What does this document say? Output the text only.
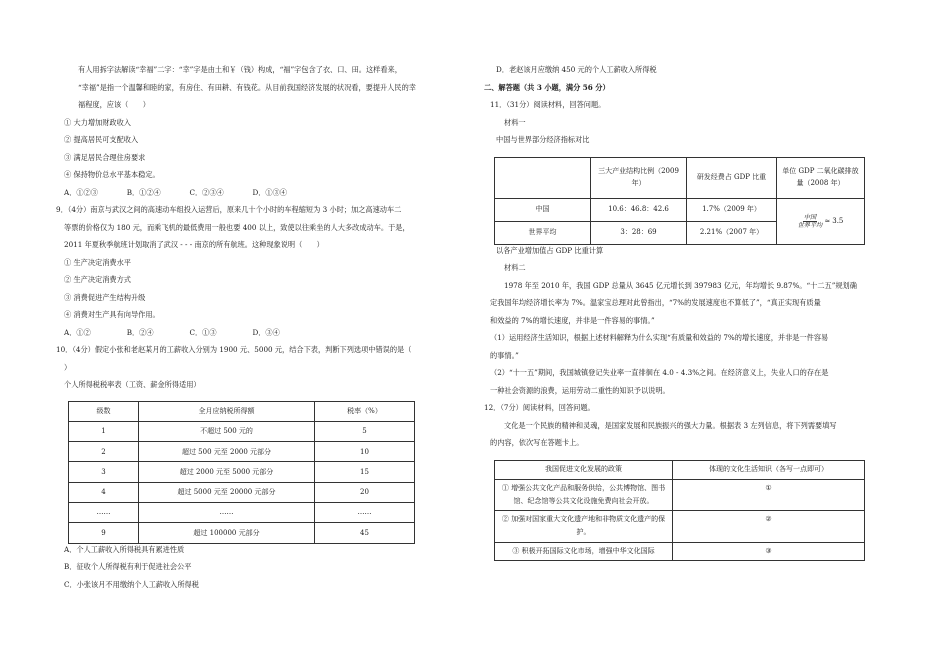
有人用拆字法解读“幸福”二字：“幸”字是由土和￥（钱）构成，“福”字包含了衣、口、田。这样看来，

“幸福”是指一个温馨和睦的家，有房住、有田耕、有钱花。从目前我国经济发展的状况看，要提升人民的幸

福程度，应该（　　）

① 大力增加财政收入

② 提高居民可支配收入

③ 满足居民合理住房要求

④ 保持物价总水平基本稳定。

A．①②③　　　　B．①②④　　　　C．②③④　　　　D．①③④

9．（4分）南京与武汉之间的高速动车组投入运营后，原来几十个小时的车程缩短为 3 小时；加之高速动车二

等票的价格仅为 180 元，而乘飞机的最低费用一般也要 400 以上，致使以往乘坐的人大多改成动车。于是，

2011 年夏秋季航班计划取消了武汉 - - - 南京的所有航班。这种现象说明（　　）

① 生产决定消费水平

② 生产决定消费方式

③ 消费促进产生结构升级

④ 消费对生产具有向导作用。

A．①②　　　　　B．②④　　　　　C．①③　　　　　D．③④

10．（4分）假定小张和老赵某月的工薪收入分别为 1900 元、5000 元，结合下表，判断下列选项中错误的是（

）

个人所得税税率表（工资、薪金所得适用）

级数	全月应纳税所得额	税率（%）
1	不超过 500 元的	5
2	超过 500 元至 2000 元部分	10
3	超过 2000 元至 5000 元部分	15
4	超过 5000 元至 20000 元部分	20
……	……	……
9	超过 100000 元部分	45

A．个人工薪收入所得税具有累进性质

B．征收个人所得税有利于促进社会公平

C．小张该月不用缴纳个人工薪收入所得税

D．老赵该月应缴纳 450 元的个人工薪收入所得税

二、解答题（共 3 小题，满分 56 分）

11．（31分）阅读材料，回答问题。

材料一

中国与世界部分经济指标对比

	三大产业结构比例（2009 年）	研发经费占 GDP 比重	单位 GDP 二氧化碳排放量（2008 年）
中国	10.6：46.8：42.6	1.7%（2009 年）	$\frac{\text{中国}}{\text{世界平均}} \approx 3.5$

世界平均	3：28：69	2.21%（2007 年）	

以各产业增加值占 GDP 比重计算

材料二

1978 年至 2010 年，我国 GDP 总量从 3645 亿元增长到 397983 亿元，年均增长 9.87%。“十二五”规划确

定我国年均经济增长率为 7%。温家宝总理对此曾指出，“7%的发展速度也不算低了”，“真正实现有质量

和效益的 7%的增长速度，并非是一件容易的事情。”

（1）运用经济生活知识，根据上述材料解释为什么实现“有质量和效益的 7%的增长速度，并非是一件容易

的事情。”

（2）“十一五”期间，我国城镇登记失业率一直徘徊在 4.0 - 4.3%之间。在经济意义上，失业人口的存在是

一种社会资源的浪费，运用劳动二重性的知识予以说明。

12．（7分）阅读材料，回答问题。

文化是一个民族的精神和灵魂，是国家发展和民族振兴的强大力量。根据表 3 左列信息，将下列需要填写

的内容，依次写在答题卡上。

我国促进文化发展的政策	体现的文化生活知识（各写一点即可）
① 增强公共文化产品和服务供给，公共博物馆、图书馆、纪念馆等公共文化设施免费向社会开放。	①
② 加强对国家重大文化遗产地和非物质文化遗产的保护。	②
③ 积极开拓国际文化市场，增强中华文化国际	③
